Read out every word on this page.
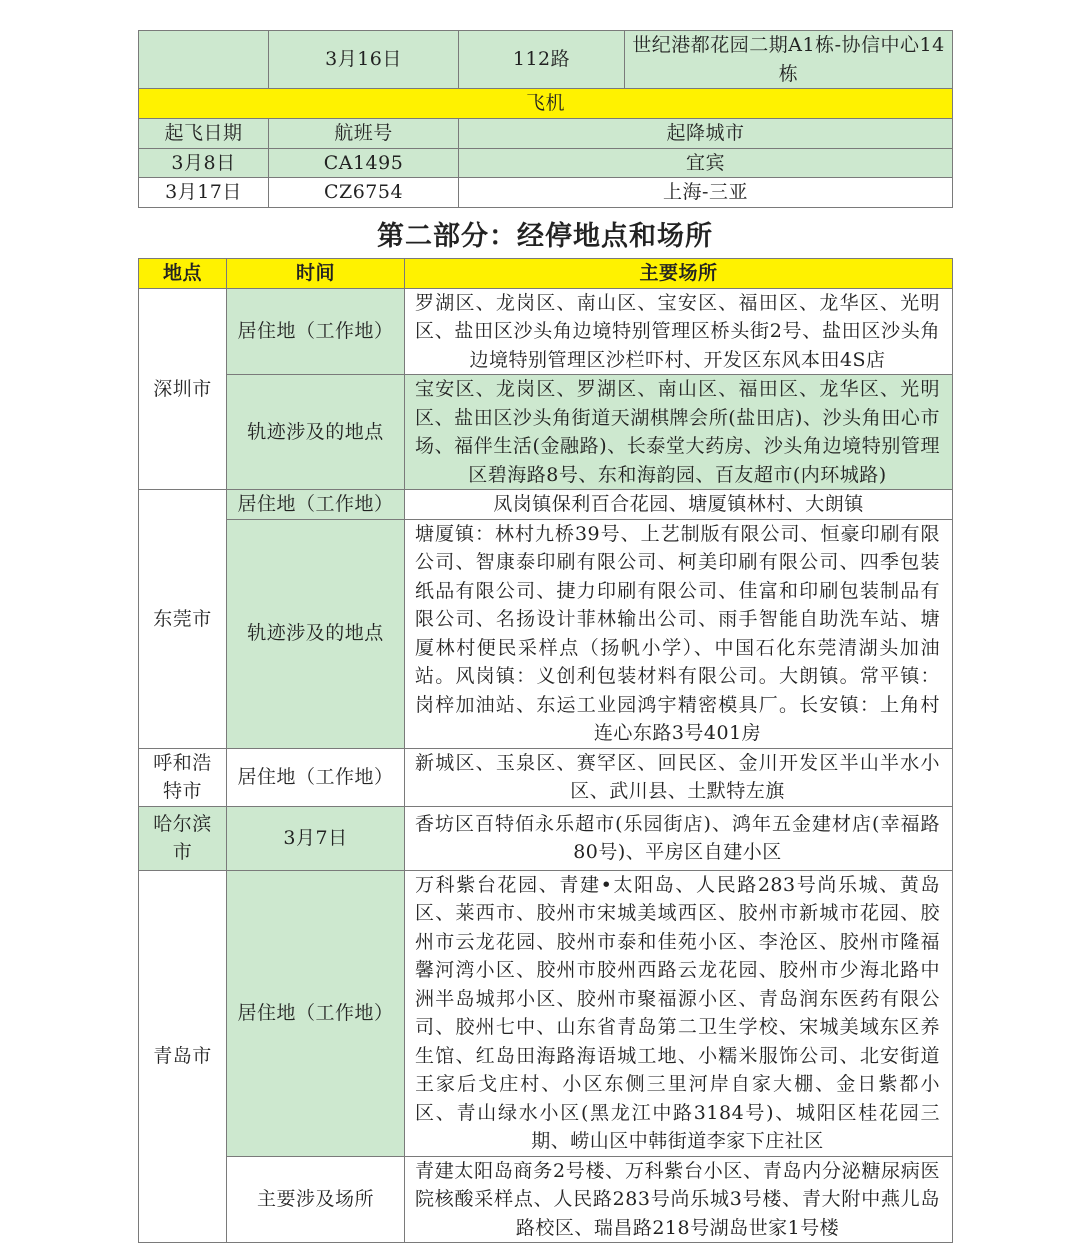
	3月16日	112路	世纪港都花园二期A1栋-协信中心14栋
飞机			
起飞日期	航班号	起降城市	
3月8日	CA1495	宜宾	
3月17日	CZ6754	上海-三亚	
第二部分：经停地点和场所
地点	时间	主要场所
深圳市	居住地（工作地）	罗湖区、龙岗区、南山区、宝安区、福田区、龙华区、光明区、盐田区沙头角边境特别管理区桥头街2号、盐田区沙头角边境特别管理区沙栏吓村、开发区东风本田4S店
	轨迹涉及的地点	宝安区、龙岗区、罗湖区、南山区、福田区、龙华区、光明区、盐田区沙头角街道天湖棋牌会所(盐田店)、沙头角田心市场、福伴生活(金融路)、长泰堂大药房、沙头角边境特别管理区碧海路8号、东和海韵园、百友超市(内环城路)
东莞市	居住地（工作地）	凤岗镇保利百合花园、塘厦镇林村、大朗镇
	轨迹涉及的地点	塘厦镇：林村九桥39号、上艺制版有限公司、恒豪印刷有限公司、智康泰印刷有限公司、柯美印刷有限公司、四季包装纸品有限公司、捷力印刷有限公司、佳富和印刷包装制品有限公司、名扬设计菲林输出公司、雨手智能自助洗车站、塘厦林村便民采样点（扬帆小学）、中国石化东莞清湖头加油站。风岗镇：义创利包装材料有限公司。大朗镇。常平镇：岗梓加油站、东运工业园鸿宇精密模具厂。长安镇：上角村连心东路3号401房
呼和浩特市	居住地（工作地）	新城区、玉泉区、赛罕区、回民区、金川开发区半山半水小区、武川县、土默特左旗
哈尔滨市	3月7日	香坊区百特佰永乐超市(乐园街店)、鸿年五金建材店(幸福路80号)、平房区自建小区
青岛市	居住地（工作地）	万科紫台花园、青建•太阳岛、人民路283号尚乐城、黄岛区、莱西市、胶州市宋城美域西区、胶州市新城市花园、胶州市云龙花园、胶州市泰和佳苑小区、李沧区、胶州市隆福馨河湾小区、胶州市胶州西路云龙花园、胶州市少海北路中洲半岛城邦小区、胶州市聚福源小区、青岛润东医药有限公司、胶州七中、山东省青岛第二卫生学校、宋城美域东区养生馆、红岛田海路海语城工地、小糯米服饰公司、北安街道王家后戈庄村、小区东侧三里河岸自家大棚、金日紫都小区、青山绿水小区(黑龙江中路3184号)、城阳区桂花园三期、崂山区中韩街道李家下庄社区
	主要涉及场所	青建太阳岛商务2号楼、万科紫台小区、青岛内分泌糖尿病医院核酸采样点、人民路283号尚乐城3号楼、青大附中燕儿岛路校区、瑞昌路218号湖岛世家1号楼
